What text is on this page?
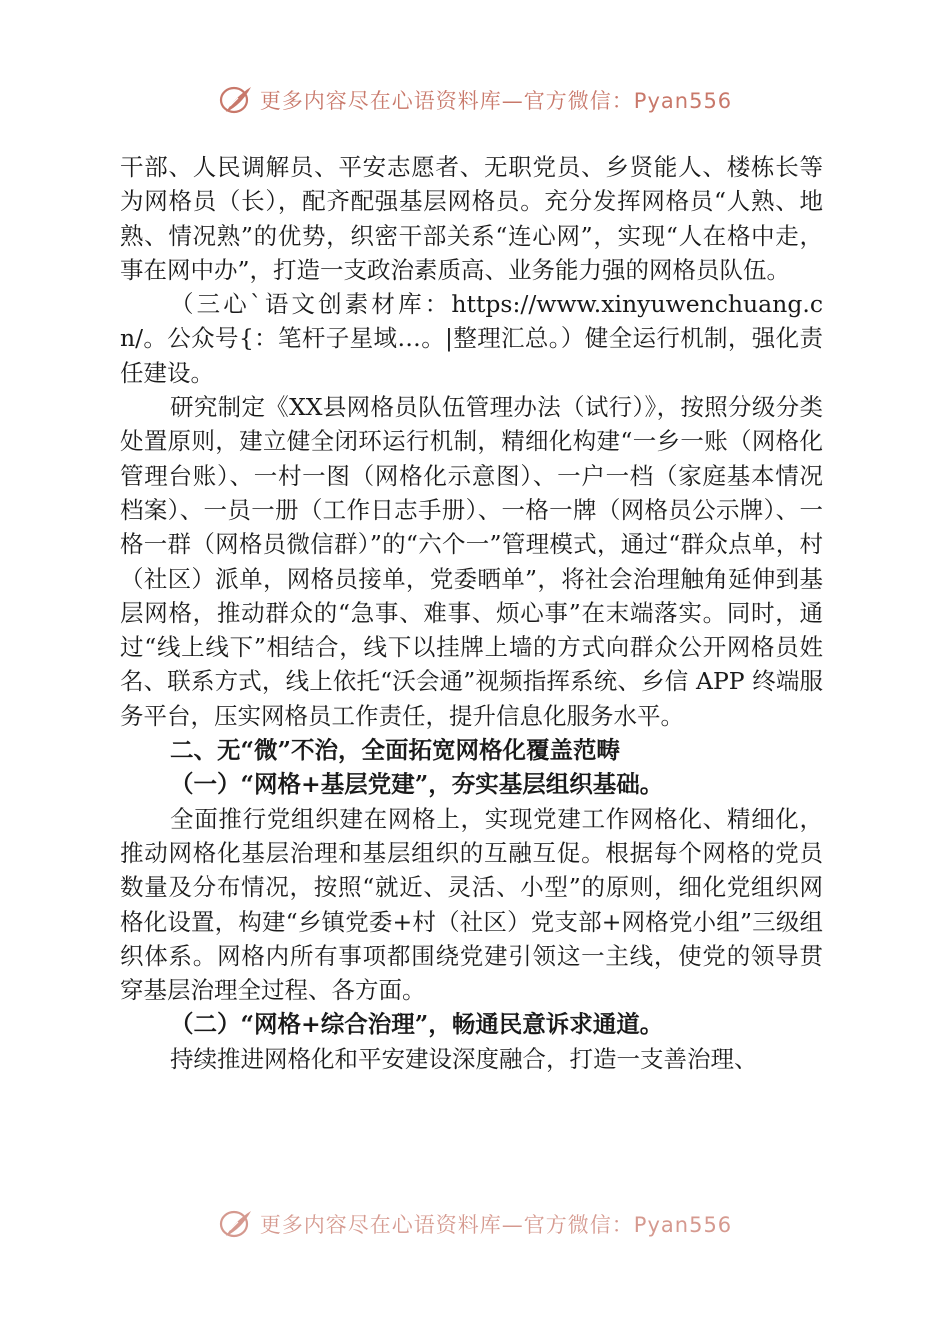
更多内容尽在心语资料库—官方微信：Pyan556

干部、人民调解员、平安志愿者、无职党员、乡贤能人、楼栋长等为网格员（长），配齐配强基层网格员。充分发挥网格员“人熟、地熟、情况熟”的优势，织密干部关系“连心网”，实现“人在格中走，事在网中办”，打造一支政治素质高、业务能力强的网格员队伍。

（三心`语文创素材库：https://www.xinyuwenchuang.cn/。公众号{：笔杆子星域…。|整理汇总。）健全运行机制，强化责任建设。

研究制定《XX县网格员队伍管理办法（试行）》，按照分级分类处置原则，建立健全闭环运行机制，精细化构建“一乡一账（网格化管理台账）、一村一图（网格化示意图）、一户一档（家庭基本情况档案）、一员一册（工作日志手册）、一格一牌（网格员公示牌）、一格一群（网格员微信群）”的“六个一”管理模式，通过“群众点单，村（社区）派单，网格员接单，党委晒单”，将社会治理触角延伸到基层网格，推动群众的“急事、难事、烦心事”在末端落实。同时，通过“线上线下”相结合，线下以挂牌上墙的方式向群众公开网格员姓名、联系方式，线上依托“沃会通”视频指挥系统、乡信 APP 终端服务平台，压实网格员工作责任，提升信息化服务水平。

二、无“微”不治，全面拓宽网格化覆盖范畴

（一）“网格+基层党建”，夯实基层组织基础。

全面推行党组织建在网格上，实现党建工作网格化、精细化，推动网格化基层治理和基层组织的互融互促。根据每个网格的党员数量及分布情况，按照“就近、灵活、小型”的原则，细化党组织网格化设置，构建“乡镇党委+村（社区）党支部+网格党小组”三级组织体系。网格内所有事项都围绕党建引领这一主线，使党的领导贯穿基层治理全过程、各方面。

（二）“网格+综合治理”，畅通民意诉求通道。

持续推进网格化和平安建设深度融合，打造一支善治理、

更多内容尽在心语资料库—官方微信：Pyan556
